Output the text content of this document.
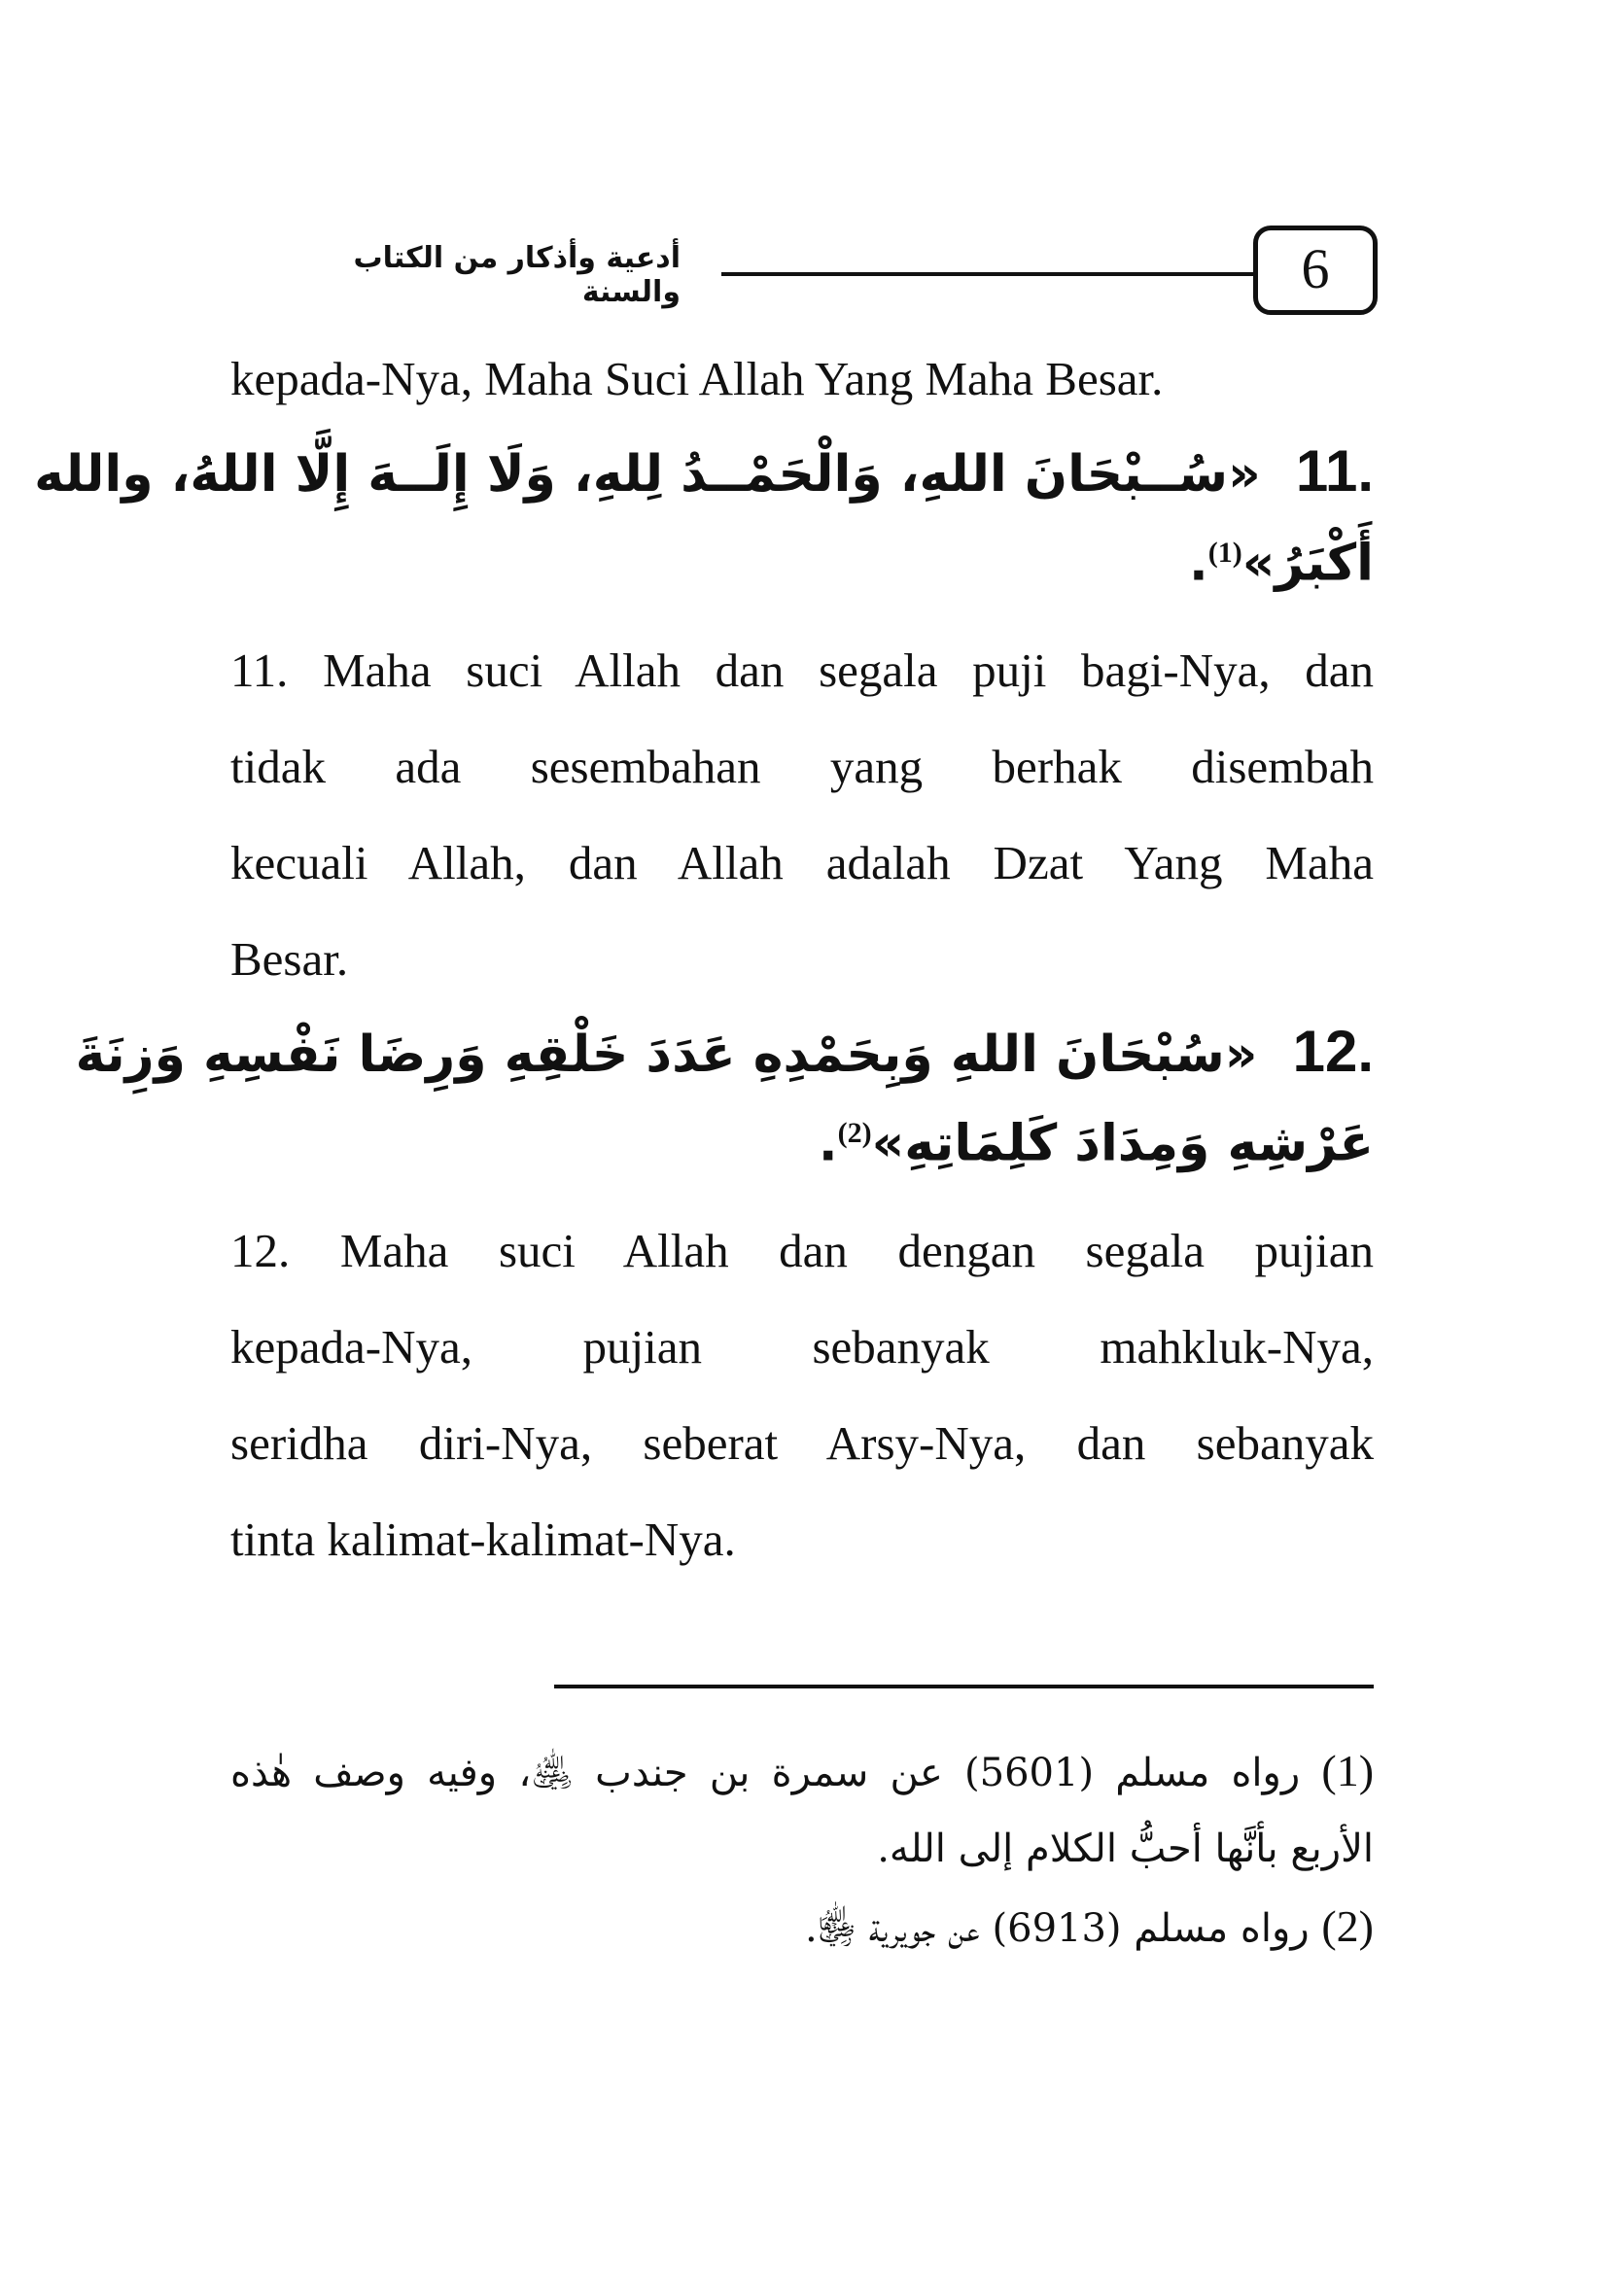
أدعية وأذكار من الكتاب والسنة	6
kepada-Nya, Maha Suci Allah Yang Maha Besar.
11.  «سُــبْحَانَ اللهِ، وَالْحَمْــدُ لِلهِ، وَلَا إِلَــهَ إِلَّا اللهُ، والله
أَكْبَرُ»$^{(1)}$.
11. Maha suci Allah dan segala puji bagi-Nya, dan
tidak ada sesembahan yang berhak disembah
kecuali Allah, dan Allah adalah Dzat Yang Maha
Besar.
12.  «سُبْحَانَ اللهِ وَبِحَمْدِهِ عَدَدَ خَلْقِهِ وَرِضَا نَفْسِهِ وَزِنَةَ
عَرْشِهِ وَمِدَادَ كَلِمَاتِهِ»$^{(2)}$.
12. Maha suci Allah dan dengan segala pujian
kepada-Nya, pujian sebanyak mahkluk-Nya,
seridha diri-Nya, seberat Arsy-Nya, dan sebanyak
tinta kalimat-kalimat-Nya.
(1) رواه مسلم (5601) عن سمرة بن جندب ﵁، وفيه وصف هٰذه
الأربع بأنَّها أحبُّ الكلام إلى الله.
(2) رواه مسلم (6913) عن جويرية ﵂.
